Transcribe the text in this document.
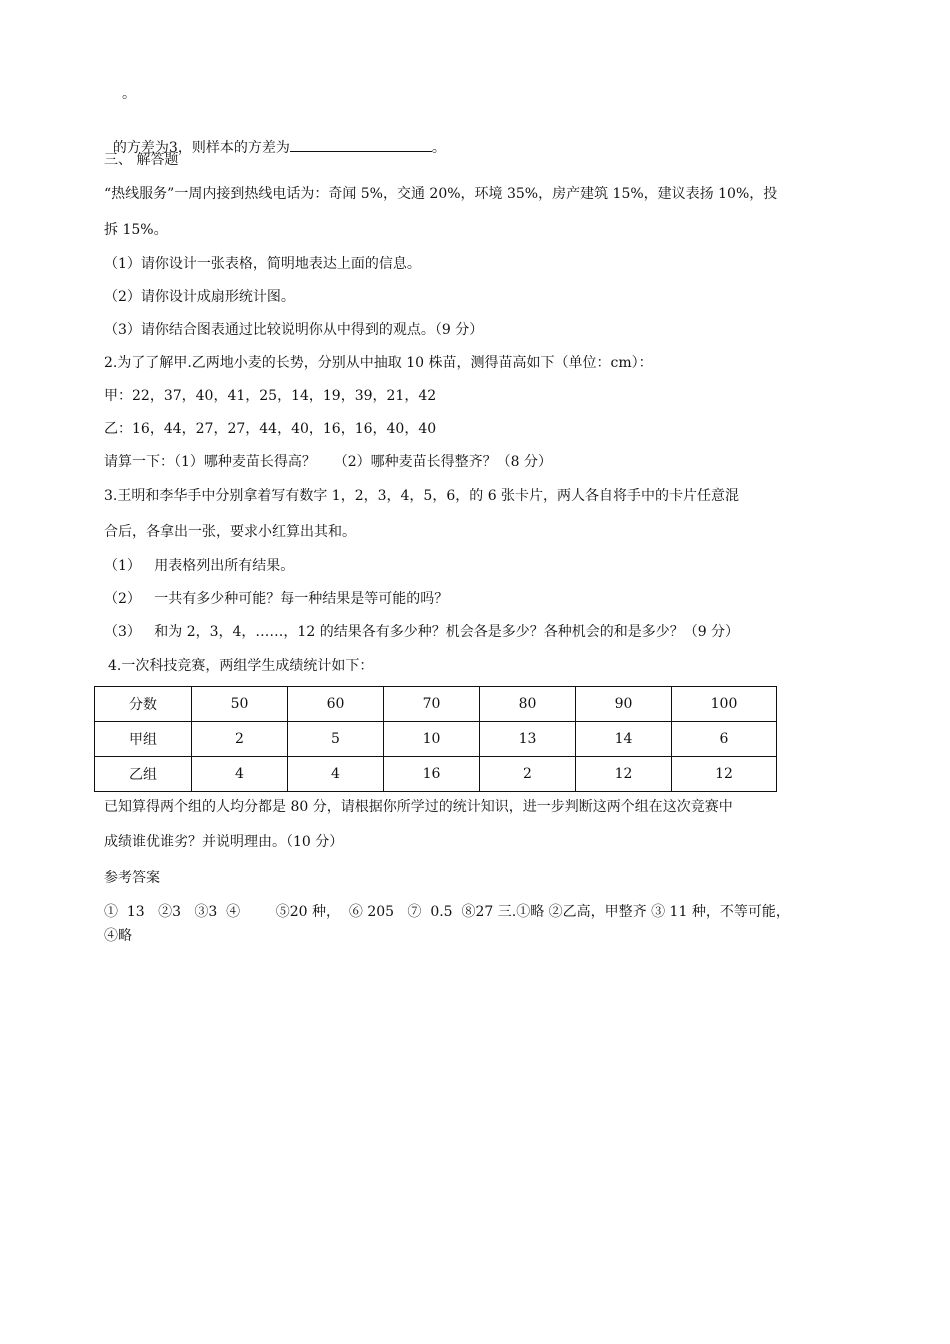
。

的方差为3，则样本的方差为	。

三、 解答题
“热线服务”一周内接到热线电话为：奇闻 5%，交通 20%，环境 35%，房产建筑 15%，建议表扬 10%，投
拆 15%。
（1）请你设计一张表格，简明地表达上面的信息。
（2）请你设计成扇形统计图。
（3）请你结合图表通过比较说明你从中得到的观点。（9 分）
2.为了了解甲.乙两地小麦的长势，分别从中抽取 10 株苗，测得苗高如下（单位：cm）：
甲：22，37，40，41，25，14，19，39，21，42
乙：16，44，27，27，44，40，16，16，40，40
请算一下：（1）哪种麦苗长得高？    （2）哪种麦苗长得整齐？（8 分）
3.王明和李华手中分别拿着写有数字 1，2，3，4，5，6，的 6 张卡片，两人各自将手中的卡片任意混
合后，各拿出一张，要求小红算出其和。
（1）   用表格列出所有结果。
（2）   一共有多少种可能？每一种结果是等可能的吗？
（3）   和为 2，3，4，……，12 的结果各有多少种？机会各是多少？各种机会的和是多少？（9 分）
4.一次科技竞赛，两组学生成绩统计如下：
分数	50	60	70	80	90	100
甲组	2	5	10	13	14	6
乙组	4	4	16	2	12	12
已知算得两个组的人均分都是 80 分，请根据你所学过的统计知识，进一步判断这两个组在这次竞赛中
成绩谁优谁劣？并说明理由。（10 分）
参考答案
①  13   ②3   ③3  ④        ⑤20 种，  ⑥ 205   ⑦  0.5  ⑧27 三.①略 ②乙高，甲整齐 ③ 11 种，不等可能，
④略
